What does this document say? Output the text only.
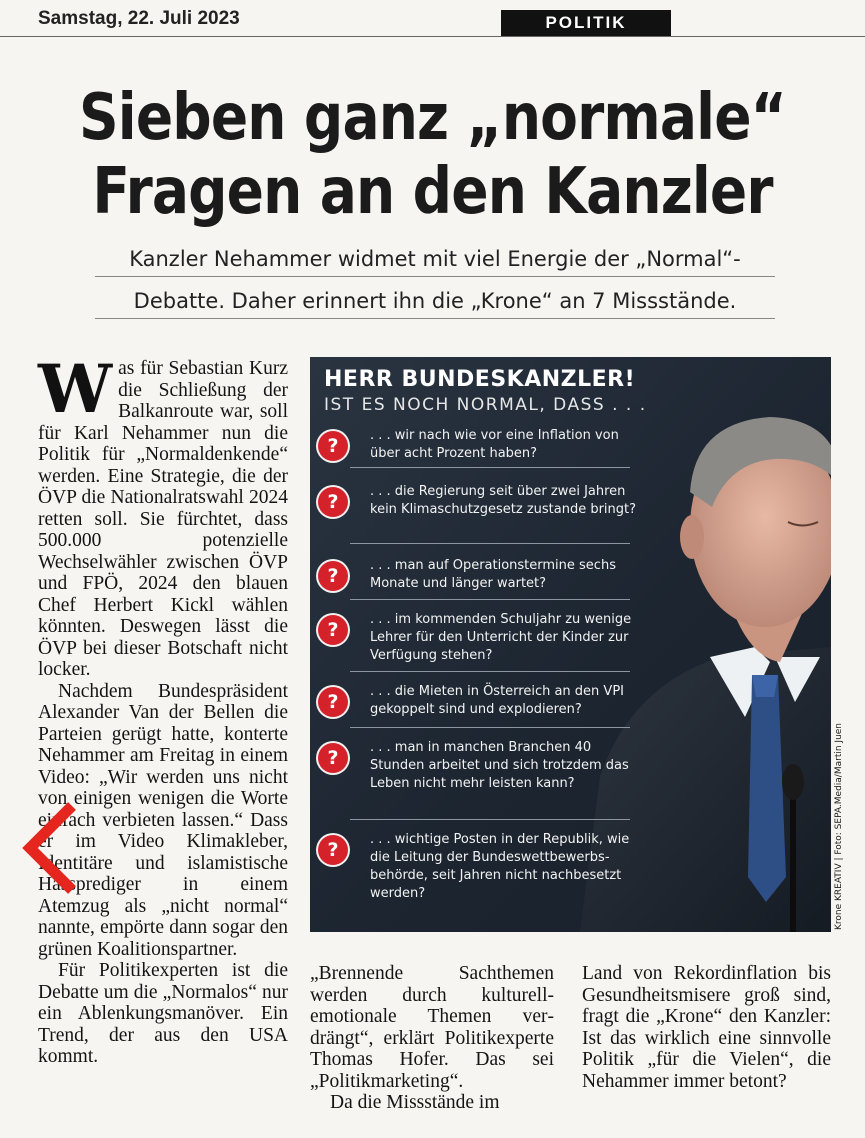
Samstag, 22. Juli 2023	POLITIK
Sieben ganz „normale“
Fragen an den Kanzler
Kanzler Nehammer widmet mit viel Energie der „Normal“-
Debatte. Daher erinnert ihn die „Krone“ an 7 Missstände.
W as für Sebastian Kurz die Schließung der Balkanroute war, soll für Karl Nehammer nun die Politik für „Normaldenkende“ werden. Eine Strategie, die der ÖVP die Nationalratswahl 2024 retten soll. Sie fürchtet, dass 500.000 potenzielle Wechselwähler zwischen ÖVP und FPÖ, 2024 den blauen Chef Herbert Kickl wählen könnten. Deswegen lässt die ÖVP bei dieser Botschaft nicht locker.

Nachdem Bundespräsident Alexander Van der Bellen die Parteien gerügt hatte, konterte Nehammer am Freitag in einem Video: „Wir werden uns nicht von einigen wenigen die Worte einfach verbieten lassen.“ Dass er im Video Klimakleber, Identitäre und islamistische Hassprediger in einem Atemzug als „nicht normal“ nannte, empörte dann sogar den grünen Koalitionspartner.

Für Politikexperten ist die Debatte um die „Normalos“ nur ein Ablenkungsmanöver. Ein Trend, der aus den USA kommt.

HERR BUNDESKANZLER!
IST ES NOCH NORMAL, DASS . . .
?	. . . wir nach wie vor eine Inflation von über acht Prozent haben?
?	. . . die Regierung seit über zwei Jahren kein Klimaschutzgesetz zustande bringt?
?	. . . man auf Operationstermine sechs Monate und länger wartet?
?	. . . im kommenden Schuljahr zu wenige Lehrer für den Unterricht der Kinder zur Verfügung stehen?
?	. . . die Mieten in Österreich an den VPI gekoppelt sind und explodieren?
?	. . . man in manchen Branchen 40 Stunden arbeitet und sich trotzdem das Leben nicht mehr leisten kann?
?	. . . wichtige Posten in der Republik, wie die Leitung der Bundeswettbewerbsbehörde, seit Jahren nicht nachbesetzt werden?	Krone KREATIV | Foto: SEPA.Media/Martin Juen

„Brennende Sachthemen werden durch kulturell-emotionale Themen verdrängt“, erklärt Politikexperte Thomas Hofer. Das sei „Politikmarketing“.

Da die Missstände im

Land von Rekordinflation bis Gesundheitsmisere groß sind, fragt die „Krone“ den Kanzler: Ist das wirklich eine sinnvolle Politik „für die Vielen“, die Nehammer immer betont?
